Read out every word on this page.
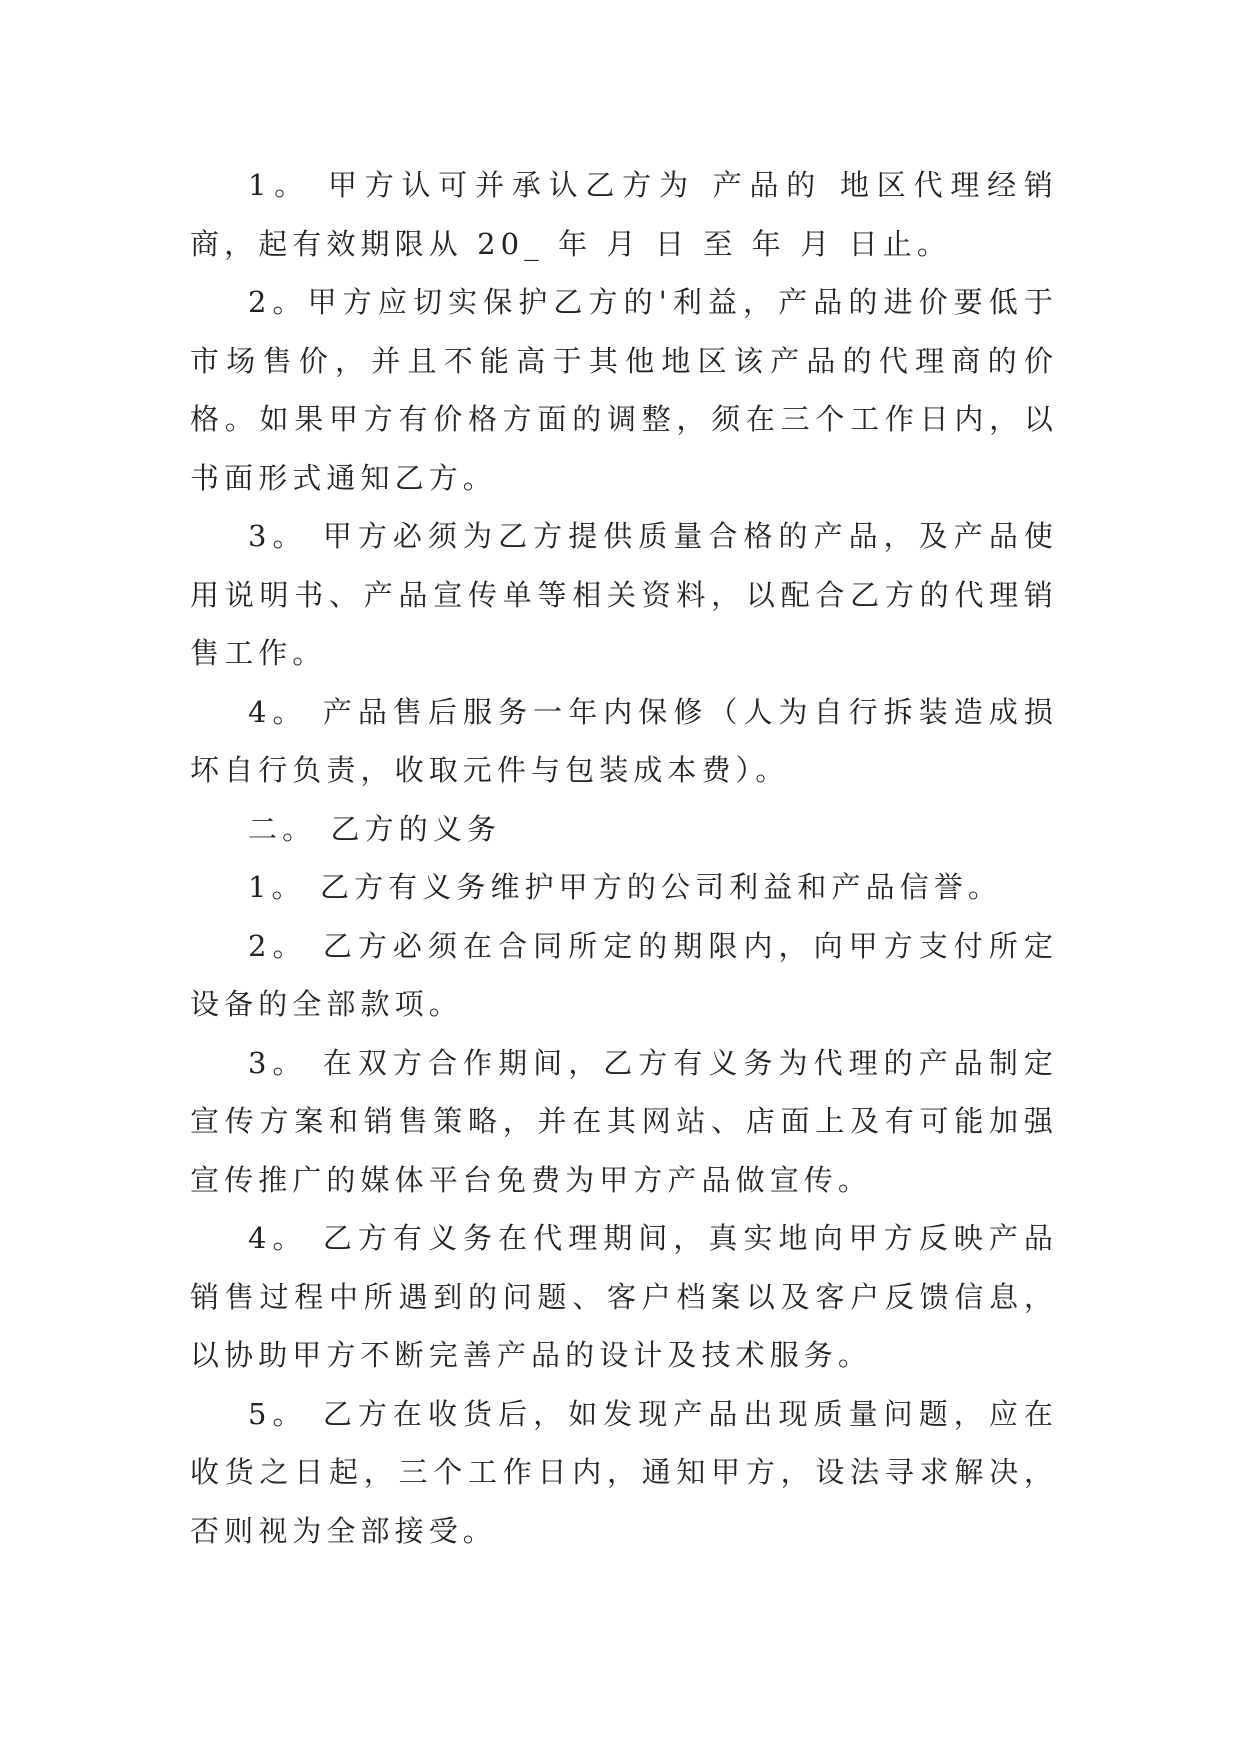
1。 甲方认可并承认乙方为 产品的 地区代理经销商，起有效期限从 20_ 年 月 日 至 年 月 日止。

2。甲方应切实保护乙方的'利益，产品的进价要低于市场售价，并且不能高于其他地区该产品的代理商的价格。如果甲方有价格方面的调整，须在三个工作日内，以书面形式通知乙方。

3。 甲方必须为乙方提供质量合格的产品，及产品使用说明书、产品宣传单等相关资料，以配合乙方的代理销售工作。

4。 产品售后服务一年内保修（人为自行拆装造成损坏自行负责，收取元件与包装成本费）。

二。 乙方的义务

1。 乙方有义务维护甲方的公司利益和产品信誉。

2。 乙方必须在合同所定的期限内，向甲方支付所定设备的全部款项。

3。 在双方合作期间，乙方有义务为代理的产品制定宣传方案和销售策略，并在其网站、店面上及有可能加强宣传推广的媒体平台免费为甲方产品做宣传。

4。 乙方有义务在代理期间，真实地向甲方反映产品销售过程中所遇到的问题、客户档案以及客户反馈信息，以协助甲方不断完善产品的设计及技术服务。

5。 乙方在收货后，如发现产品出现质量问题，应在收货之日起，三个工作日内，通知甲方，设法寻求解决，否则视为全部接受。
